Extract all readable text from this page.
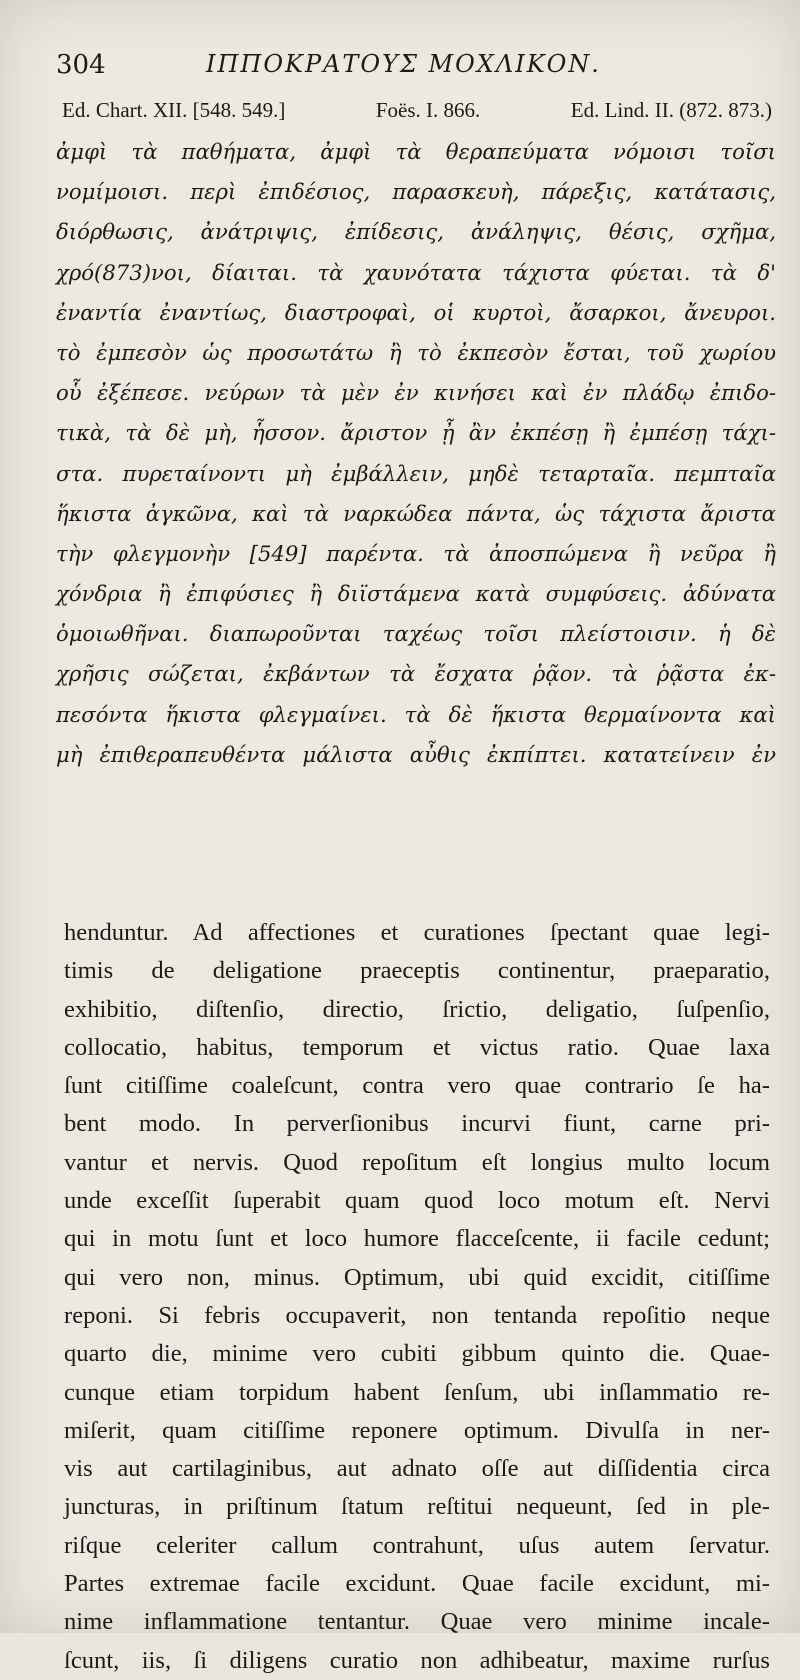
304	ΙΠΠΟΚΡΑΤΟΥΣ ΜΟΧΛΙΚΟΝ.
Ed. Chart. XII. [548. 549.]	Foës. I. 866.	Ed. Lind. II. (872. 873.)
ἀμφὶ τὰ παθήματα, ἀμφὶ τὰ θεραπεύματα νόμοισι τοῖσι
νομίμοισι. περὶ ἐπιδέσιος, παρασκευὴ, πάρεξις, κατάτασις,
διόρθωσις, ἀνάτριψις, ἐπίδεσις, ἀνάληψις, θέσις, σχῆμα,
χρό(873)νοι, δίαιται. τὰ χαυνότατα τάχιστα φύεται. τὰ δ'
ἐναντία ἐναντίως, διαστροφαὶ, οἱ κυρτοὶ, ἄσαρκοι, ἄνευροι.
τὸ ἐμπεσὸν ὡς προσωτάτω ἢ τὸ ἐκπεσὸν ἔσται, τοῦ χωρίου
οὗ ἐξέπεσε. νεύρων τὰ μὲν ἐν κινήσει καὶ ἐν πλάδῳ ἐπιδο-
τικὰ, τὰ δὲ μὴ, ἧσσον. ἄριστον ᾖ ἂν ἐκπέσῃ ἢ ἐμπέσῃ τάχι-
στα. πυρεταίνοντι μὴ ἐμβάλλειν, μηδὲ τεταρταῖα. πεμπταῖα
ἥκιστα ἀγκῶνα, καὶ τὰ ναρκώδεα πάντα, ὡς τάχιστα ἄριστα
τὴν φλεγμονὴν [549] παρέντα. τὰ ἀποσπώμενα ἢ νεῦρα ἢ
χόνδρια ἢ ἐπιφύσιες ἢ διϊστάμενα κατὰ συμφύσεις. ἀδύνατα
ὁμοιωθῆναι. διαπωροῦνται ταχέως τοῖσι πλείστοισιν. ἡ δὲ
χρῆσις σώζεται, ἐκβάντων τὰ ἔσχατα ῥᾷον. τὰ ῥᾷστα ἐκ-
πεσόντα ἥκιστα φλεγμαίνει. τὰ δὲ ἥκιστα θερμαίνοντα καὶ
μὴ ἐπιθεραπευθέντα μάλιστα αὖθις ἐκπίπτει. κατατείνειν ἐν
henduntur. Ad affectiones et curationes ſpectant quae legi-
timis de deligatione praeceptis continentur, praeparatio,
exhibitio, diſtenſio, directio, ſrictio, deligatio, ſuſpenſio,
collocatio, habitus, temporum et victus ratio. Quae laxa
ſunt citiſſime coaleſcunt, contra vero quae contrario ſe ha-
bent modo. In perverſionibus incurvi fiunt, carne pri-
vantur et nervis. Quod repoſitum eſt longius multo locum
unde exceſſit ſuperabit quam quod loco motum eſt. Nervi
qui in motu ſunt et loco humore flacceſcente, ii facile cedunt;
qui vero non, minus. Optimum, ubi quid excidit, citiſſime
reponi. Si febris occupaverit, non tentanda repoſitio neque
quarto die, minime vero cubiti gibbum quinto die. Quae-
cunque etiam torpidum habent ſenſum, ubi inſlammatio re-
miſerit, quam citiſſime reponere optimum. Divulſa in ner-
vis aut cartilaginibus, aut adnato oſſe aut diſſidentia circa
juncturas, in priſtinum ſtatum reſtitui nequeunt, ſed in ple-
riſque celeriter callum contrahunt, uſus autem ſervatur.
Partes extremae facile excidunt. Quae facile excidunt, mi-
nime inflammatione tentantur. Quae vero minime incale-
ſcunt, iis, ſi diligens curatio non adhibeatur, maxime rurſus
